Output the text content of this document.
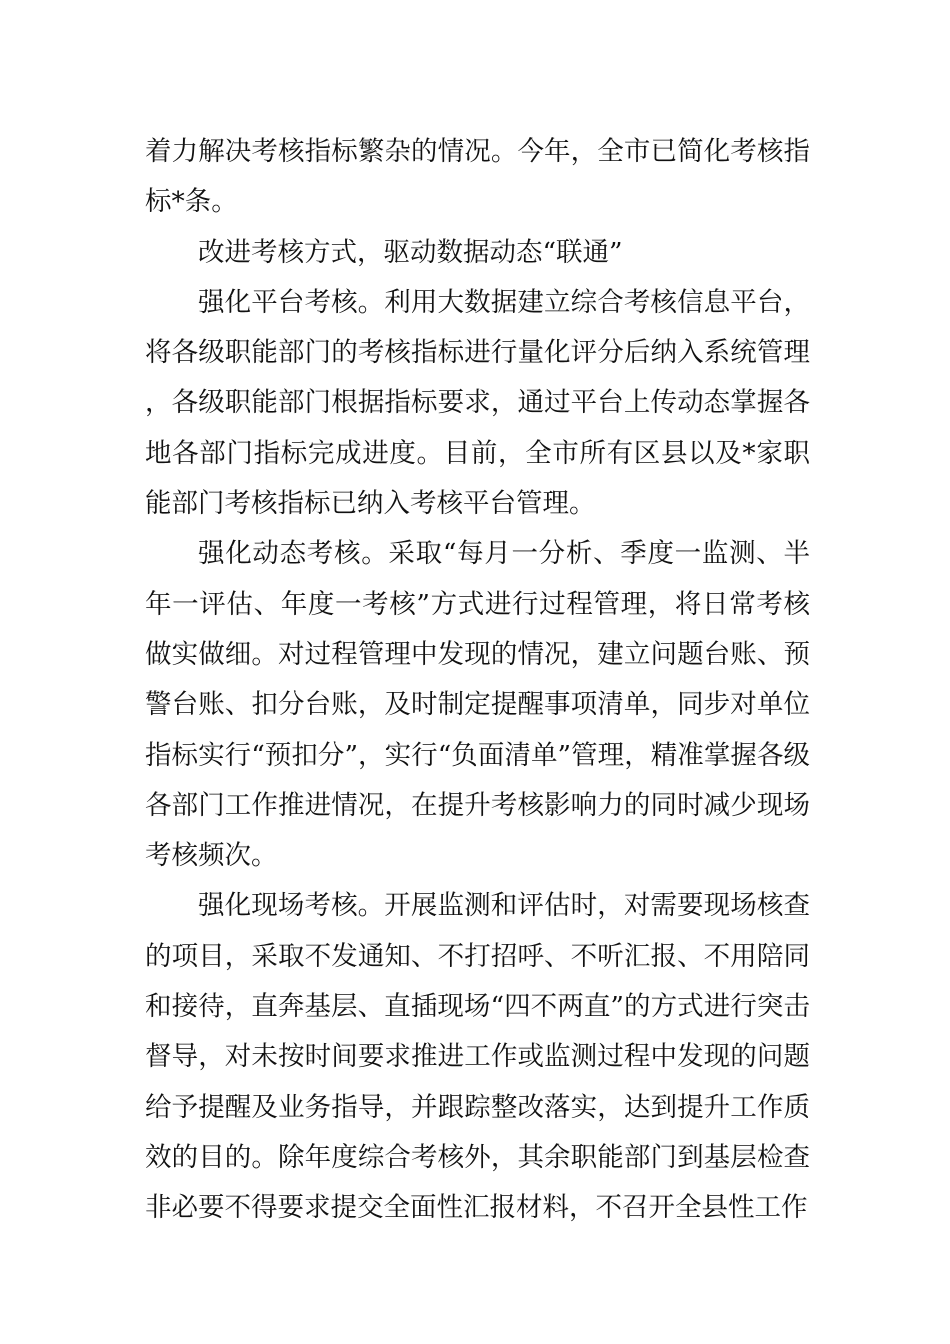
着力解决考核指标繁杂的情况。今年，全市已简化考核指标*条。

改进考核方式，驱动数据动态“联通”

强化平台考核。利用大数据建立综合考核信息平台，将各级职能部门的考核指标进行量化评分后纳入系统管理，各级职能部门根据指标要求，通过平台上传动态掌握各地各部门指标完成进度。目前，全市所有区县以及*家职能部门考核指标已纳入考核平台管理。

强化动态考核。采取“每月一分析、季度一监测、半年一评估、年度一考核”方式进行过程管理，将日常考核做实做细。对过程管理中发现的情况，建立问题台账、预警台账、扣分台账，及时制定提醒事项清单，同步对单位指标实行“预扣分”，实行“负面清单”管理，精准掌握各级各部门工作推进情况，在提升考核影响力的同时减少现场考核频次。

强化现场考核。开展监测和评估时，对需要现场核查的项目，采取不发通知、不打招呼、不听汇报、不用陪同和接待，直奔基层、直插现场“四不两直”的方式进行突击督导，对未按时间要求推进工作或监测过程中发现的问题给予提醒及业务指导，并跟踪整改落实，达到提升工作质效的目的。除年度综合考核外，其余职能部门到基层检查非必要不得要求提交全面性汇报材料，不召开全县性工作
